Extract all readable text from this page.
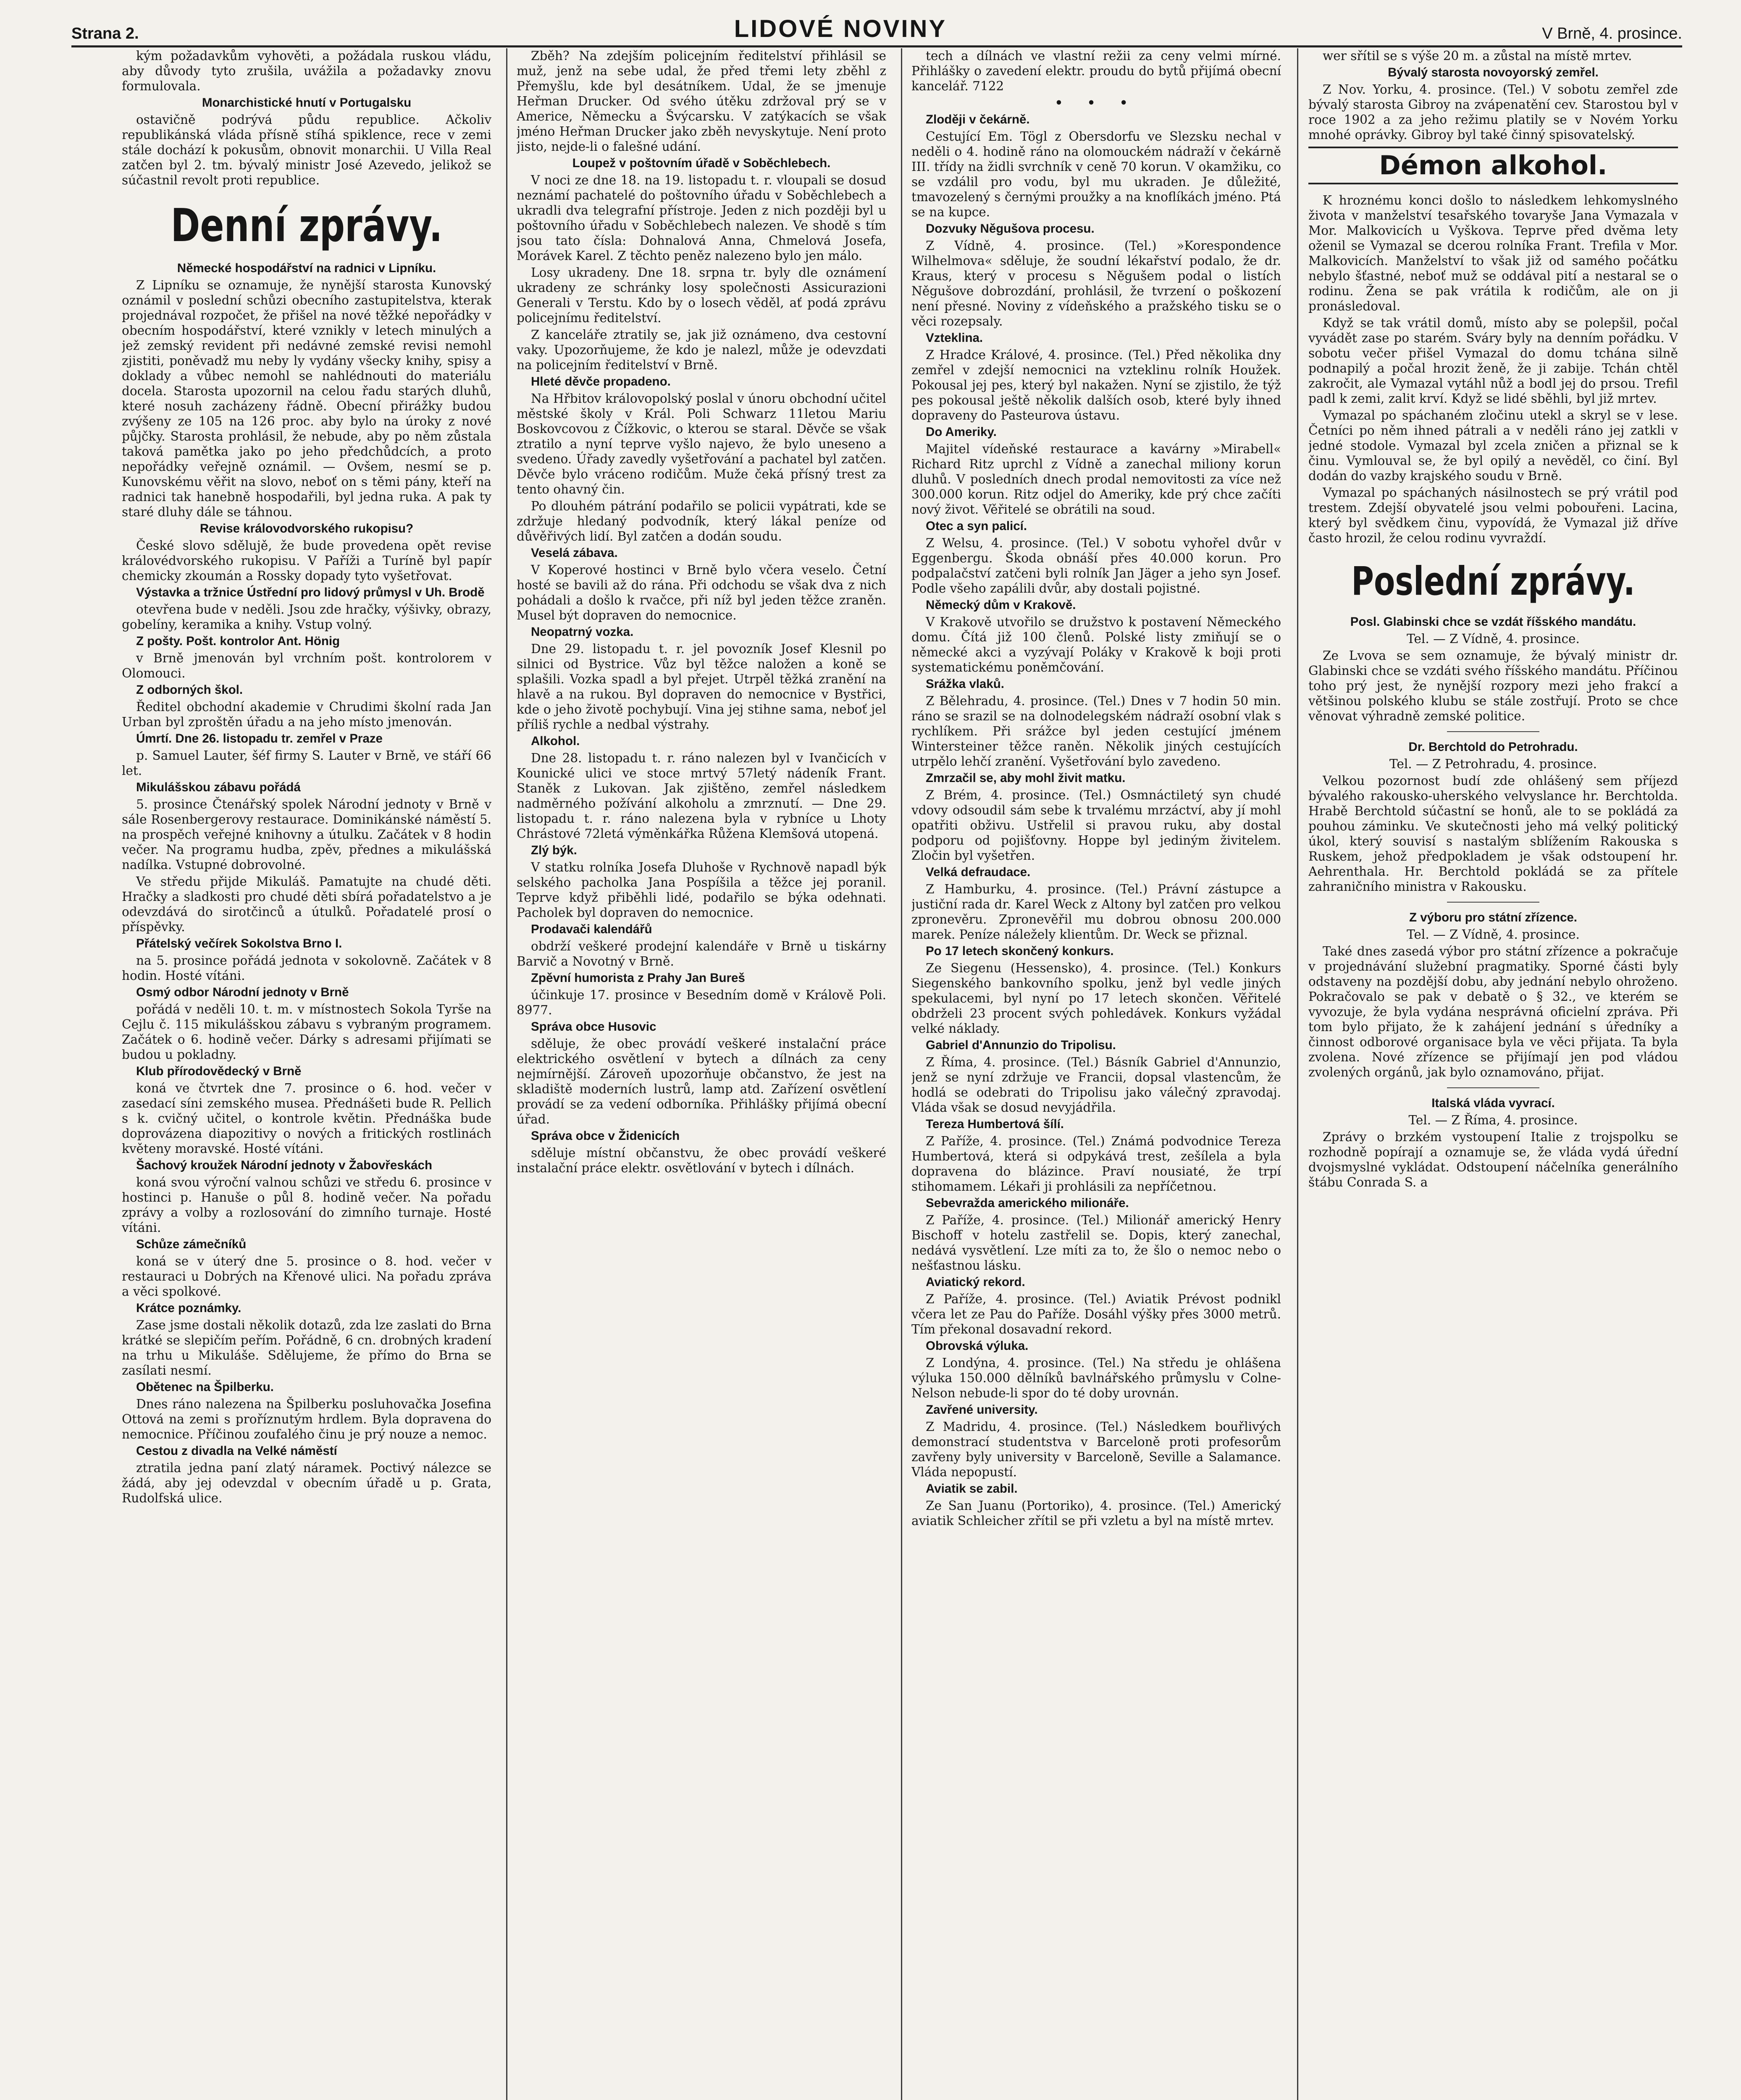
Strana 2.	LIDOVÉ NOVINY	V Brně, 4. prosince.

kým požadavkům vyhověti, a požádala ruskou vládu, aby důvody tyto zrušila, uvážila a požadavky znovu formulovala.

Monarchistické hnutí v Portugalsku

ostavičně podrývá půdu republice. Ačkoliv republikánská vláda přísně stíhá spiklence, rece v zemi stále dochází k pokusům, obnovit monarchii. U Villa Real zatčen byl 2. tm. bývalý ministr José Azevedo, jelikož se súčastnil revolt proti republice.

Denní zprávy.

Německé hospodářství na radnici v Lipníku.

Z Lipníku se oznamuje, že nynější starosta Kunovský oznámil v poslední schůzi obecního zastupitelstva, kterak projednával rozpočet, že přišel na nové těžké nepořádky v obecním hospodářství, které vznikly v letech minulých a jež zemský revident při nedávné zemské revisi nemohl zjistiti, poněvadž mu neby ly vydány všecky knihy, spisy a doklady a vůbec nemohl se nahlédnouti do materiálu docela. Starosta upozornil na celou řadu starých dluhů, které nosuh zacházeny řádně. Obecní přirážky budou zvýšeny ze 105 na 126 proc. aby bylo na úroky z nové půjčky. Starosta prohlásil, že nebude, aby po něm zůstala taková pamětka jako po jeho předchůdcích, a proto nepořádky veřejně oznámil. — Ovšem, nesmí se p. Kunovskému věřit na slovo, neboť on s těmi pány, kteří na radnici tak hanebně hospodařili, byl jedna ruka. A pak ty staré dluhy dále se táhnou.

Revise královodvorského rukopisu?

České slovo sdělujě, že bude provedena opět revise královédvorského rukopisu. V Paříži a Turíně byl papír chemicky zkoumán a Rossky dopady tyto vyšetřovat.

Výstavka a tržnice Ústřední pro lidový průmysl v Uh. Brodě

otevřena bude v neděli. Jsou zde hračky, výšivky, obrazy, gobelíny, keramika a knihy. Vstup volný.

Z pošty. Pošt. kontrolor Ant. Hönig

v Brně jmenován byl vrchním pošt. kontrolorem v Olomouci.

Z odborných škol.

Ředitel obchodní akademie v Chrudimi školní rada Jan Urban byl zproštěn úřadu a na jeho místo jmenován.

Úmrtí. Dne 26. listopadu tr. zemřel v Praze

p. Samuel Lauter, šéf firmy S. Lauter v Brně, ve stáří 66 let.

Mikulášskou zábavu pořádá

5. prosince Čtenářský spolek Národní jednoty v Brně v sále Rosenbergerovy restaurace. Dominikánské náměstí 5. na prospěch veřejné knihovny a útulku. Začátek v 8 hodin večer. Na programu hudba, zpěv, přednes a mikulášská nadílka. Vstupné dobrovolné.

Ve středu přijde Mikuláš. Pamatujte na chudé děti. Hračky a sladkosti pro chudé děti sbírá pořadatelstvo a je odevzdává do sirotčinců a útulků. Pořadatelé prosí o příspěvky.

Přátelský večírek Sokolstva Brno I.

na 5. prosince pořádá jednota v sokolovně. Začátek v 8 hodin. Hosté vítáni.

Osmý odbor Národní jednoty v Brně

pořádá v neděli 10. t. m. v místnostech Sokola Tyrše na Cejlu č. 115 mikulášskou zábavu s vybraným programem. Začátek o 6. hodině večer. Dárky s adresami přijímati se budou u pokladny.

Klub přírodovědecký v Brně

koná ve čtvrtek dne 7. prosince o 6. hod. večer v zasedací síni zemského musea. Přednášeti bude R. Pellich s k. cvičný učitel, o kontrole květin. Přednáška bude doprovázena diapozitivy o nových a fritických rostlinách květeny moravské. Hosté vítáni.

Šachový kroužek Národní jednoty v Žabovřeskách

koná svou výroční valnou schůzi ve středu 6. prosince v hostinci p. Hanuše o půl 8. hodině večer. Na pořadu zprávy a volby a rozlosování do zimního turnaje. Hosté vítáni.

Schůze zámečníků

koná se v úterý dne 5. prosince o 8. hod. večer v restauraci u Dobrých na Křenové ulici. Na pořadu zpráva a věci spolkové.

Krátce poznámky.

Zase jsme dostali několik dotazů, zda lze zaslati do Brna krátké se slepičím peřím. Pořádně, 6 cn. drobných kradení na trhu u Mikuláše. Sdělujeme, že přímo do Brna se zasílati nesmí.

Obětenec na Špilberku.

Dnes ráno nalezena na Špilberku posluhovačka Josefina Ottová na zemi s proříznutým hrdlem. Byla dopravena do nemocnice. Příčinou zoufalého činu je prý nouze a nemoc.

Cestou z divadla na Velké náměstí

ztratila jedna paní zlatý náramek. Poctivý nálezce se žádá, aby jej odevzdal v obecním úřadě u p. Grata, Rudolfská ulice.

Zběh? Na zdejším policejním ředitelství přihlásil se muž, jenž na sebe udal, že před třemi lety zběhl z Přemyšlu, kde byl desátníkem. Udal, že se jmenuje Heřman Drucker. Od svého útěku zdržoval prý se v Americe, Německu a Švýcarsku. V zatýkacích se však jméno Heřman Drucker jako zběh nevyskytuje. Není proto jisto, nejde-li o falešné udání.

Loupež v poštovním úřadě v Soběchlebech.

V noci ze dne 18. na 19. listopadu t. r. vloupali se dosud neznámí pachatelé do poštovního úřadu v Soběchlebech a ukradli dva telegrafní přístroje. Jeden z nich později byl u poštovního úřadu v Soběchlebech nalezen. Ve shodě s tím jsou tato čísla: Dohnalová Anna, Chmelová Josefa, Morávek Karel. Z těchto peněz nalezeno bylo jen málo.

Losy ukradeny. Dne 18. srpna tr. byly dle oznámení ukradeny ze schránky losy společnosti Assicurazioni Generali v Terstu. Kdo by o losech věděl, ať podá zprávu policejnímu ředitelství.

Z kanceláře ztratily se, jak již oznámeno, dva cestovní vaky. Upozorňujeme, že kdo je nalezl, může je odevzdati na policejním ředitelství v Brně.

Hleté děvče propadeno.

Na Hřbitov královopolský poslal v únoru obchodní učitel městské školy v Král. Poli Schwarz 11letou Mariu Boskovcovou z Čížkovic, o kterou se staral. Děvče se však ztratilo a nyní teprve vyšlo najevo, že bylo uneseno a svedeno. Úřady zavedly vyšetřování a pachatel byl zatčen. Děvče bylo vráceno rodičům. Muže čeká přísný trest za tento ohavný čin.

Po dlouhém pátrání podařilo se policii vypátrati, kde se zdržuje hledaný podvodník, který lákal peníze od důvěřivých lidí. Byl zatčen a dodán soudu.

Veselá zábava.

V Koperové hostinci v Brně bylo včera veselo. Četní hosté se bavili až do rána. Při odchodu se však dva z nich pohádali a došlo k rvačce, při níž byl jeden těžce zraněn. Musel být dopraven do nemocnice.

Neopatrný vozka.

Dne 29. listopadu t. r. jel povozník Josef Klesnil po silnici od Bystrice. Vůz byl těžce naložen a koně se splašili. Vozka spadl a byl přejet. Utrpěl těžká zranění na hlavě a na rukou. Byl dopraven do nemocnice v Bystřici, kde o jeho životě pochybují. Vina jej stihne sama, neboť jel příliš rychle a nedbal výstrahy.

Alkohol.

Dne 28. listopadu t. r. ráno nalezen byl v Ivančicích v Kounické ulici ve stoce mrtvý 57letý nádeník Frant. Staněk z Lukovan. Jak zjištěno, zemřel následkem nadměrného požívání alkoholu a zmrznutí. — Dne 29. listopadu t. r. ráno nalezena byla v rybníce u Lhoty Chrástové 72letá výměnkářka Růžena Klemšová utopená.

Zlý býk.

V statku rolníka Josefa Dluhoše v Rychnově napadl býk selského pacholka Jana Pospíšila a těžce jej poranil. Teprve když přiběhli lidé, podařilo se býka odehnati. Pacholek byl dopraven do nemocnice.

Prodavači kalendářů

obdrží veškeré prodejní kalendáře v Brně u tiskárny Barvič a Novotný v Brně.

Zpěvní humorista z Prahy Jan Bureš

účinkuje 17. prosince v Besedním domě v Králově Poli. 8977.

Správa obce Husovic

sděluje, že obec provádí veškeré instalační práce elektrického osvětlení v bytech a dílnách za ceny nejmírnější. Zároveň upozorňuje občanstvo, že jest na skladiště moderních lustrů, lamp atd. Zařízení osvětlení provádí se za vedení odborníka. Přihlášky přijímá obecní úřad.

Správa obce v Židenicích

sděluje místní občanstvu, že obec provádí veškeré instalační práce elektr. osvětlování v bytech i dílnách.

tech a dílnách ve vlastní režii za ceny velmi mírné. Přihlášky o zavedení elektr. proudu do bytů přijímá obecní kancelář. 7122

• • •

Zloději v čekárně.

Cestující Em. Tögl z Obersdorfu ve Slezsku nechal v neděli o 4. hodině ráno na olomouckém nádraží v čekárně III. třídy na židli svrchník v ceně 70 korun. V okamžiku, co se vzdálil pro vodu, byl mu ukraden. Je důležité, tmavozelený s černými proužky a na knoflíkách jméno. Ptá se na kupce.

Dozvuky Něgušova procesu.

Z Vídně, 4. prosince. (Tel.) »Korespondence Wilhelmova« sděluje, že soudní lékařství podalo, že dr. Kraus, který v procesu s Něgušem podal o listích Něgušove dobrozdání, prohlásil, že tvrzení o poškození není přesné. Noviny z vídeňského a pražského tisku se o věci rozepsaly.

Vzteklina.

Z Hradce Králové, 4. prosince. (Tel.) Před několika dny zemřel v zdejší nemocnici na vzteklinu rolník Houžek. Pokousal jej pes, který byl nakažen. Nyní se zjistilo, že týž pes pokousal ještě několik dalších osob, které byly ihned dopraveny do Pasteurova ústavu.

Do Ameriky.

Majitel vídeňské restaurace a kavárny »Mirabell« Richard Ritz uprchl z Vídně a zanechal miliony korun dluhů. V posledních dnech prodal nemovitosti za více než 300.000 korun. Ritz odjel do Ameriky, kde prý chce začíti nový život. Věřitelé se obrátili na soud.

Otec a syn palicí.

Z Welsu, 4. prosince. (Tel.) V sobotu vyhořel dvůr v Eggenbergu. Škoda obnáší přes 40.000 korun. Pro podpalačství zatčeni byli rolník Jan Jäger a jeho syn Josef. Podle všeho zapálili dvůr, aby dostali pojistné.

Německý dům v Krakově.

V Krakově utvořilo se družstvo k postavení Německého domu. Čítá již 100 členů. Polské listy zmiňují se o německé akci a vyzývají Poláky v Krakově k boji proti systematickému poněmčování.

Srážka vlaků.

Z Bělehradu, 4. prosince. (Tel.) Dnes v 7 hodin 50 min. ráno se srazil se na dolnodelegském nádraží osobní vlak s rychlíkem. Při srážce byl jeden cestující jménem Wintersteiner těžce raněn. Několik jiných cestujících utrpělo lehčí zranění. Vyšetřování bylo zavedeno.

Zmrzačil se, aby mohl živit matku.

Z Brém, 4. prosince. (Tel.) Osmnáctiletý syn chudé vdovy odsoudil sám sebe k trvalému mrzáctví, aby jí mohl opatřiti obživu. Ustřelil si pravou ruku, aby dostal podporu od pojišťovny. Hoppe byl jediným živitelem. Zločin byl vyšetřen.

Velká defraudace.

Z Hamburku, 4. prosince. (Tel.) Právní zástupce a justiční rada dr. Karel Weck z Altony byl zatčen pro velkou zpronevěru. Zpronevěřil mu dobrou obnosu 200.000 marek. Peníze náležely klientům. Dr. Weck se přiznal.

Po 17 letech skončený konkurs.

Ze Siegenu (Hessensko), 4. prosince. (Tel.) Konkurs Siegenského bankovního spolku, jenž byl vedle jiných spekulacemi, byl nyní po 17 letech skončen. Věřitelé obdrželi 23 procent svých pohledávek. Konkurs vyžádal velké náklady.

Gabriel d'Annunzio do Tripolisu.

Z Říma, 4. prosince. (Tel.) Básník Gabriel d'Annunzio, jenž se nyní zdržuje ve Francii, dopsal vlastencům, že hodlá se odebrati do Tripolisu jako válečný zpravodaj. Vláda však se dosud nevyjádřila.

Tereza Humbertová šílí.

Z Paříže, 4. prosince. (Tel.) Známá podvodnice Tereza Humbertová, která si odpykává trest, zešílela a byla dopravena do blázince. Praví nousiaté, že trpí stihomamem. Lékaři ji prohlásili za nepříčetnou.

Sebevražda amerického milionáře.

Z Paříže, 4. prosince. (Tel.) Milionář americký Henry Bischoff v hotelu zastřelil se. Dopis, který zanechal, nedává vysvětlení. Lze míti za to, že šlo o nemoc nebo o nešťastnou lásku.

Aviatický rekord.

Z Paříže, 4. prosince. (Tel.) Aviatik Prévost podnikl včera let ze Pau do Paříže. Dosáhl výšky přes 3000 metrů. Tím překonal dosavadní rekord.

Obrovská výluka.

Z Londýna, 4. prosince. (Tel.) Na středu je ohlášena výluka 150.000 dělníků bavlnářského průmyslu v Colne-Nelson nebude-li spor do té doby urovnán.

Zavřené university.

Z Madridu, 4. prosince. (Tel.) Následkem bouřlivých demonstrací studentstva v Barceloně proti profesorům zavřeny byly university v Barceloně, Seville a Salamance. Vláda nepopustí.

Aviatik se zabil.

Ze San Juanu (Portoriko), 4. prosince. (Tel.) Americký aviatik Schleicher zřítil se při vzletu a byl na místě mrtev.

wer sřítil se s výše 20 m. a zůstal na místě mrtev.

Bývalý starosta novoyorský zemřel.

Z Nov. Yorku, 4. prosince. (Tel.) V sobotu zemřel zde bývalý starosta Gibroy na zvápenatění cev. Starostou byl v roce 1902 a za jeho režimu platily se v Novém Yorku mnohé oprávky. Gibroy byl také činný spisovatelský.

Démon alkohol.

K hroznému konci došlo to následkem lehkomyslného života v manželství tesařského tovaryše Jana Vymazala v Mor. Malkovicích u Vyškova. Teprve před dvěma lety oženil se Vymazal se dcerou rolníka Frant. Trefila v Mor. Malkovicích. Manželství to však již od samého počátku nebylo šťastné, neboť muž se oddával pití a nestaral se o rodinu. Žena se pak vrátila k rodičům, ale on ji pronásledoval.

Když se tak vrátil domů, místo aby se polepšil, počal vyvádět zase po starém. Sváry byly na denním pořádku. V sobotu večer přišel Vymazal do domu tchána silně podnapilý a počal hrozit ženě, že ji zabije. Tchán chtěl zakročit, ale Vymazal vytáhl nůž a bodl jej do prsou. Trefil padl k zemi, zalit krví. Když se lidé sběhli, byl již mrtev.

Vymazal po spáchaném zločinu utekl a skryl se v lese. Četníci po něm ihned pátrali a v neděli ráno jej zatkli v jedné stodole. Vymazal byl zcela zničen a přiznal se k činu. Vymlouval se, že byl opilý a nevěděl, co činí. Byl dodán do vazby krajského soudu v Brně.

Vymazal po spáchaných násilnostech se prý vrátil pod trestem. Zdejší obyvatelé jsou velmi pobouřeni. Lacina, který byl svědkem činu, vypovídá, že Vymazal již dříve často hrozil, že celou rodinu vyvraždí.

Poslední zprávy.

Posl. Glabinski chce se vzdát říšského mandátu.

Tel. — Z Vídně, 4. prosince.

Ze Lvova se sem oznamuje, že bývalý ministr dr. Glabinski chce se vzdáti svého říšského mandátu. Příčinou toho prý jest, že nynější rozpory mezi jeho frakcí a většinou polského klubu se stále zostřují. Proto se chce věnovat výhradně zemské politice.

Dr. Berchtold do Petrohradu.

Tel. — Z Petrohradu, 4. prosince.

Velkou pozornost budí zde ohlášený sem příjezd bývalého rakousko-uherského velvyslance hr. Berchtolda. Hrabě Berchtold súčastní se honů, ale to se pokládá za pouhou záminku. Ve skutečnosti jeho má velký politický úkol, který souvisí s nastalým sblížením Rakouska s Ruskem, jehož předpokladem je však odstoupení hr. Aehrenthala. Hr. Berchtold pokládá se za přítele zahraničního ministra v Rakousku.

Z výboru pro státní zřízence.

Tel. — Z Vídně, 4. prosince.

Také dnes zasedá výbor pro státní zřízence a pokračuje v projednávání služební pragmatiky. Sporné části byly odstaveny na pozdější dobu, aby jednání nebylo ohroženo. Pokračovalo se pak v debatě o § 32., ve kterém se vyvozuje, že byla vydána nesprávná oficielní zpráva. Při tom bylo přijato, že k zahájení jednání s úředníky a činnost odborové organisace byla ve věci přijata. Ta byla zvolena. Nové zřízence se přijímají jen pod vládou zvolených orgánů, jak bylo oznamováno, přijat.

Italská vláda vyvrací.

Tel. — Z Říma, 4. prosince.

Zprávy o brzkém vystoupení Italie z trojspolku se rozhodně popírají a oznamuje se, že vláda vydá úřední dvojsmyslné vykládat. Odstoupení náčelníka generálního štábu Conrada S. a
